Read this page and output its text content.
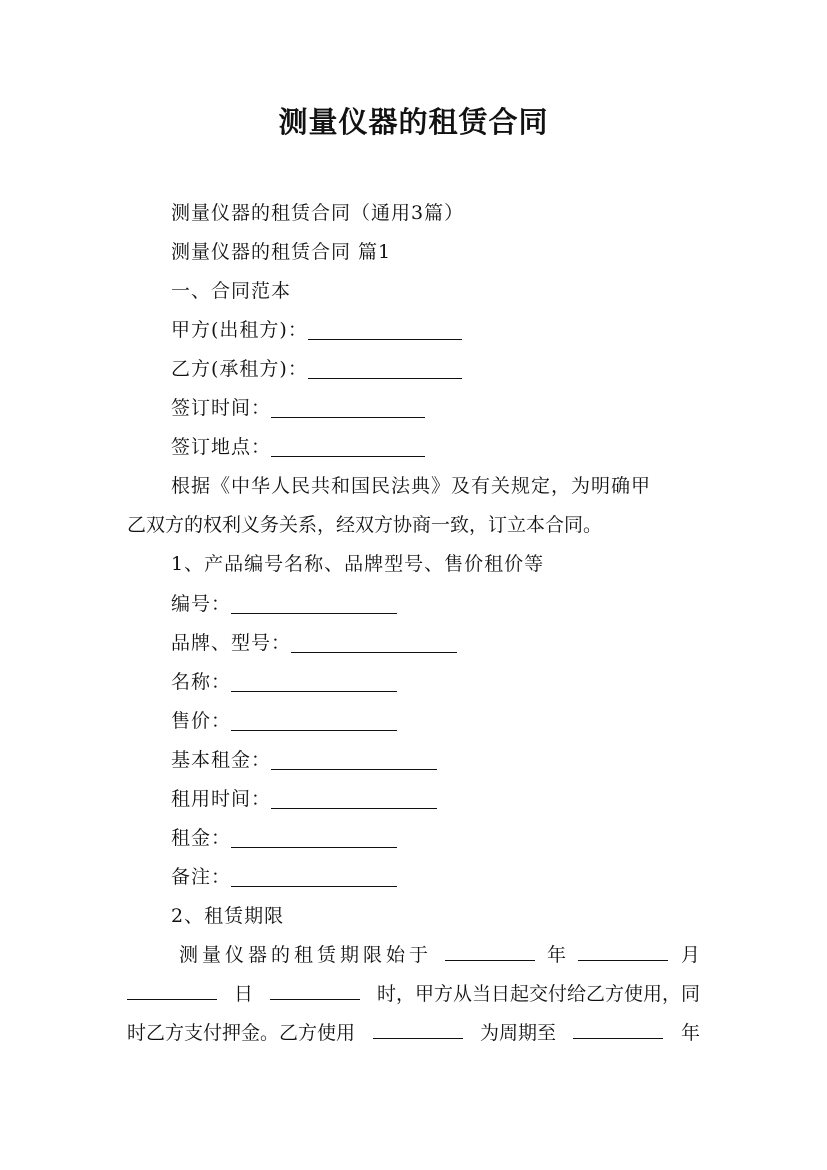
测量仪器的租赁合同
测量仪器的租赁合同（通用3篇）
测量仪器的租赁合同 篇1
一、合同范本
甲方(出租方)：
乙方(承租方)：
签订时间：
签订地点：
根据《中华人民共和国民法典》及有关规定，为明确甲
乙双方的权利义务关系，经双方协商一致，订立本合同。
1、产品编号名称、品牌型号、售价租价等
编号：
品牌、型号：
名称：
售价：
基本租金：
租用时间：
租金：
备注：
2、租赁期限
测量仪器的租赁期限始于	年	月
日	时，甲方从当日起交付给乙方使用，同
时乙方支付押金。乙方使用	为周期至	年
